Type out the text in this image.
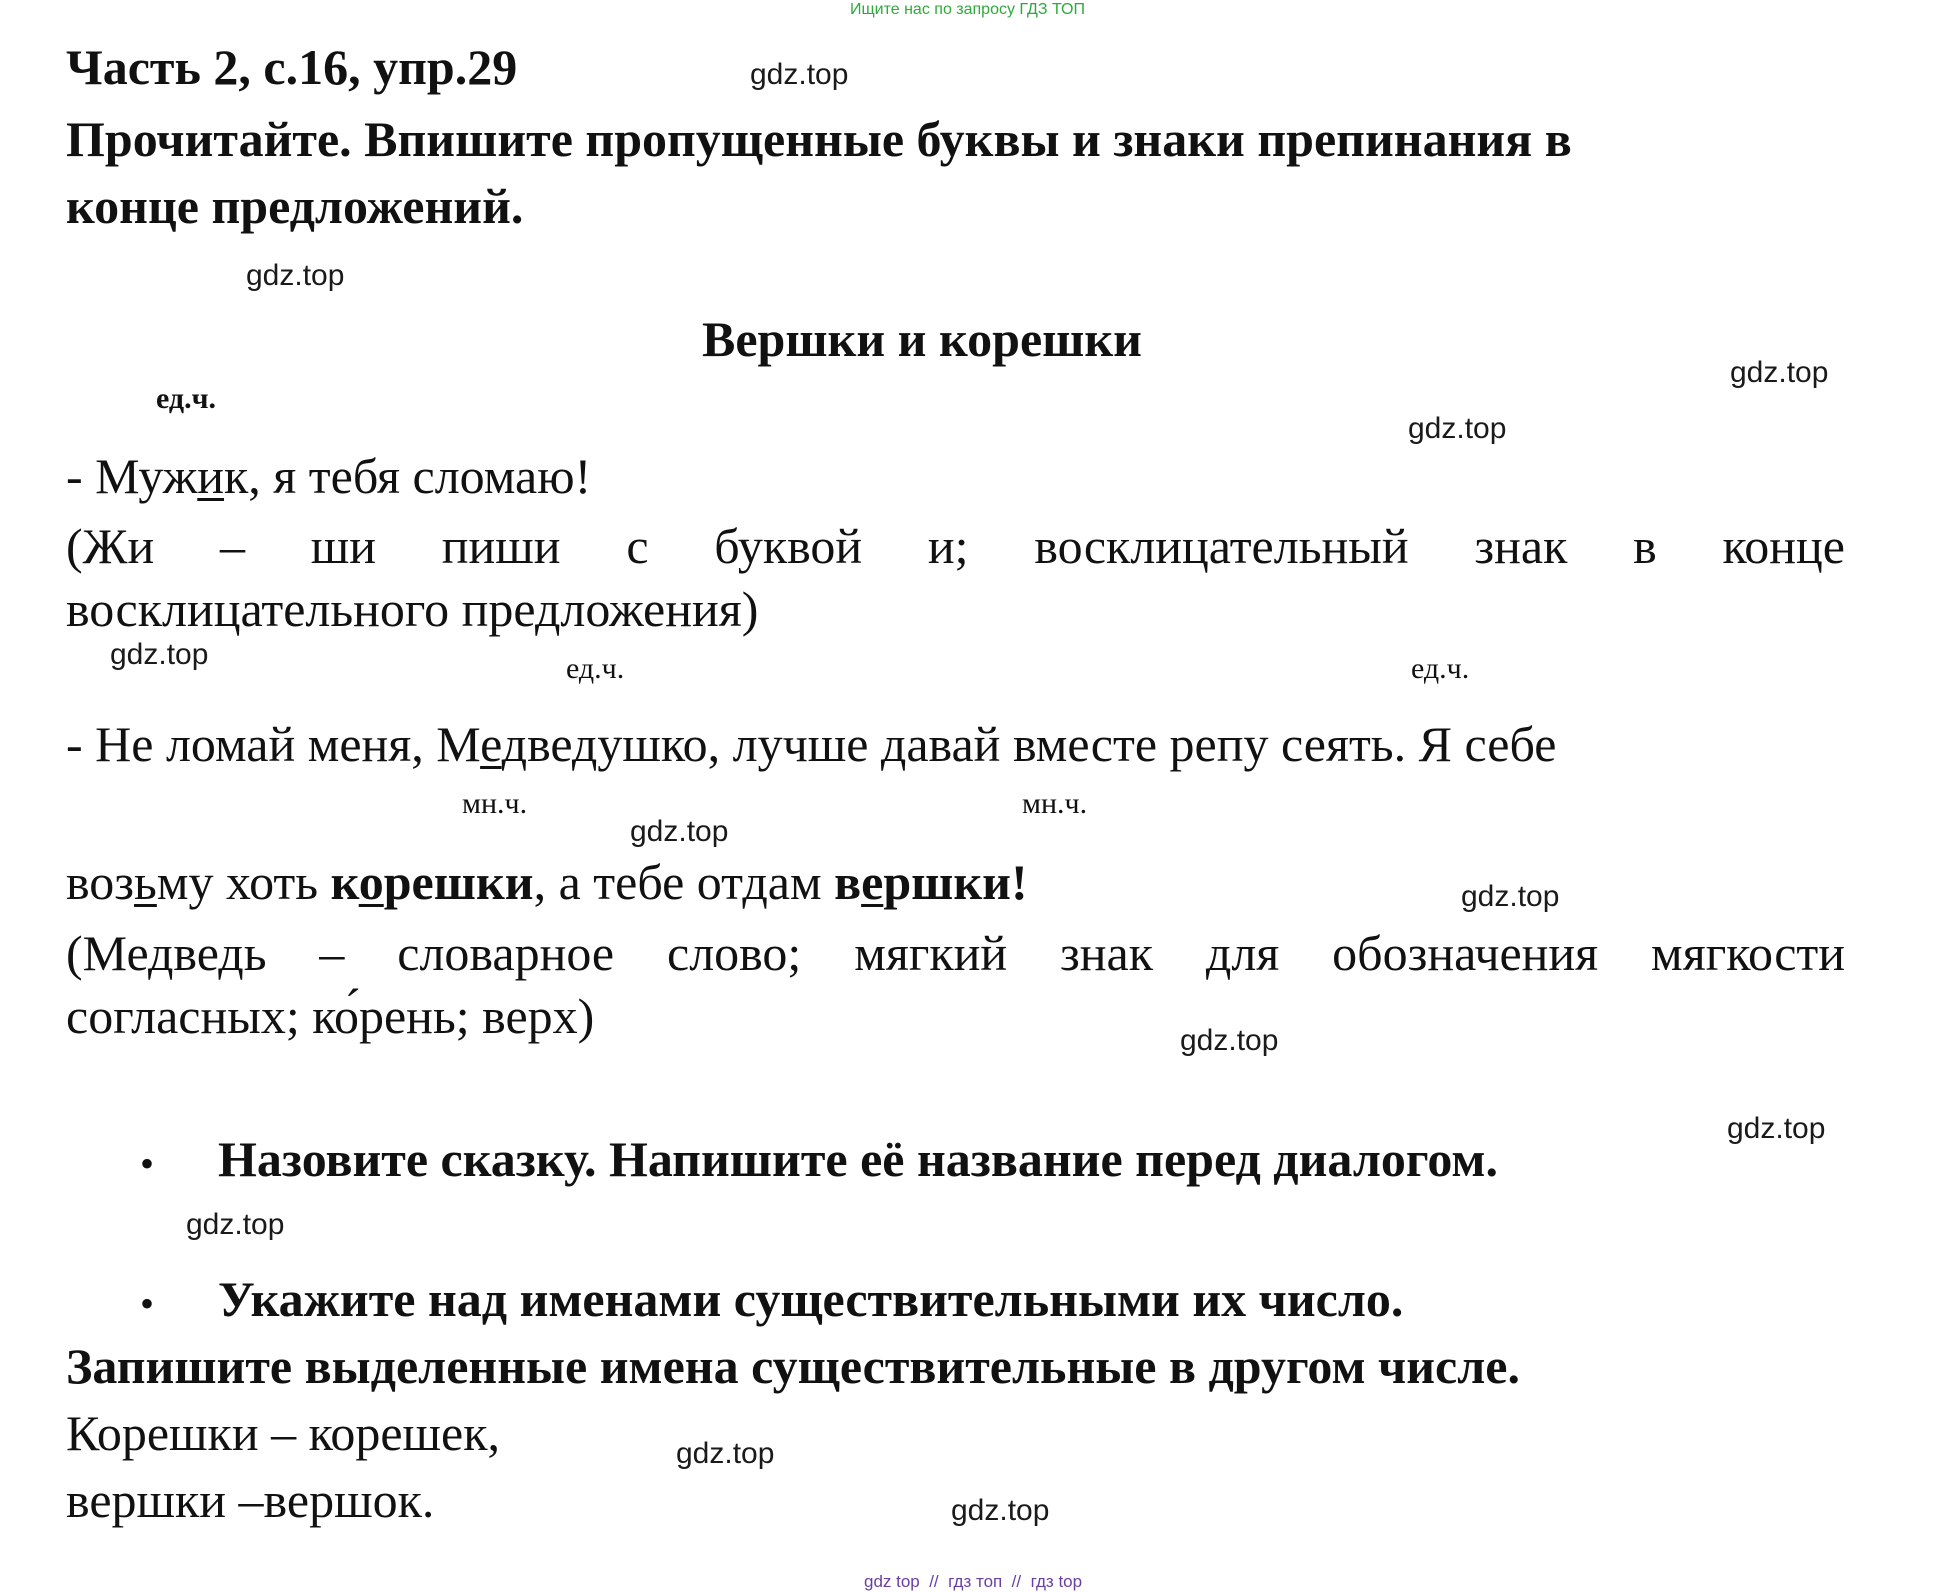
Ищите нас по запросу ГДЗ ТОП
Часть 2, с.16, упр.29
Прочитайте. Впишите пропущенные буквы и знаки препинания в
конце предложений.
Вершки и корешки
ед.ч.
- Мужик, я тебя сломаю!
(Жи – ши пиши с буквой и; восклицательный знак в конце
восклицательного предложения)
ед.ч.	ед.ч.
- Не ломай меня, Медведушко, лучше давай вместе репу сеять. Я себе
мн.ч.	мн.ч.
возьму хоть корешки, а тебе отдам вершки!
(Медведь – словарное слово; мягкий знак для обозначения мягкости
согласных; ко́рень; верх)
• Назовите сказку. Напишите её название перед диалогом.
• Укажите над именами существительными их число.
Запишите выделенные имена существительные в другом числе.
Корешки – корешек,
вершки –вершок.
gdz.top
gdz.top
gdz.top
gdz.top
gdz.top
gdz.top
gdz.top
gdz.top
gdz.top
gdz.top
gdz.top
gdz.top
gdz top  //  гдз топ  //  гдз top
